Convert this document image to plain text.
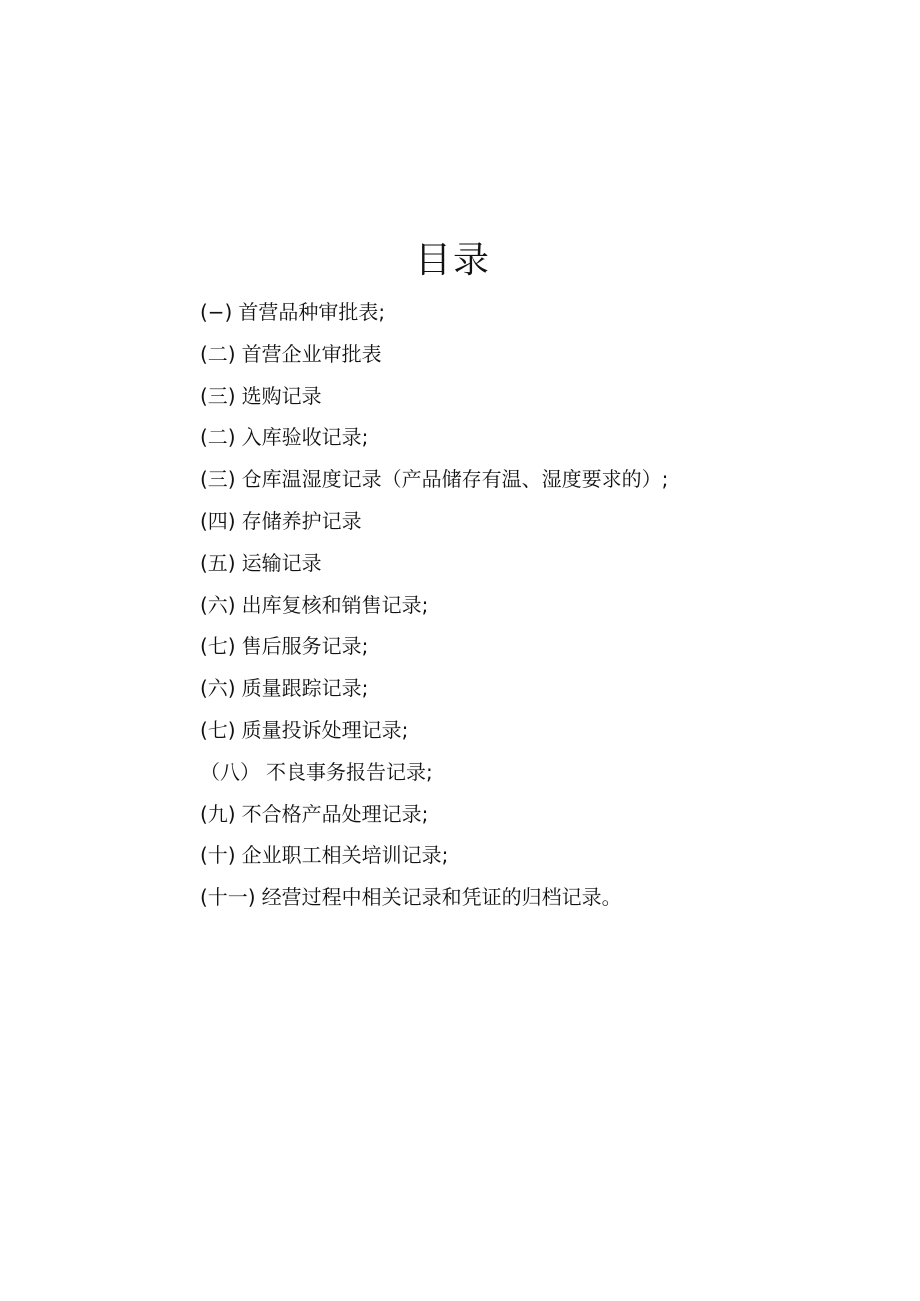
目录
(−) 首营品种审批表;
(二) 首营企业审批表
(三) 选购记录
(二) 入库验收记录;
(三) 仓库温湿度记录（产品储存有温、湿度要求的）;
(四) 存储养护记录
(五) 运输记录
(六) 出库复核和销售记录;
(七) 售后服务记录;
(六) 质量跟踪记录;
(七) 质量投诉处理记录;
（八） 不良事务报告记录;
(九) 不合格产品处理记录;
(十) 企业职工相关培训记录;
(十一) 经营过程中相关记录和凭证的归档记录。
